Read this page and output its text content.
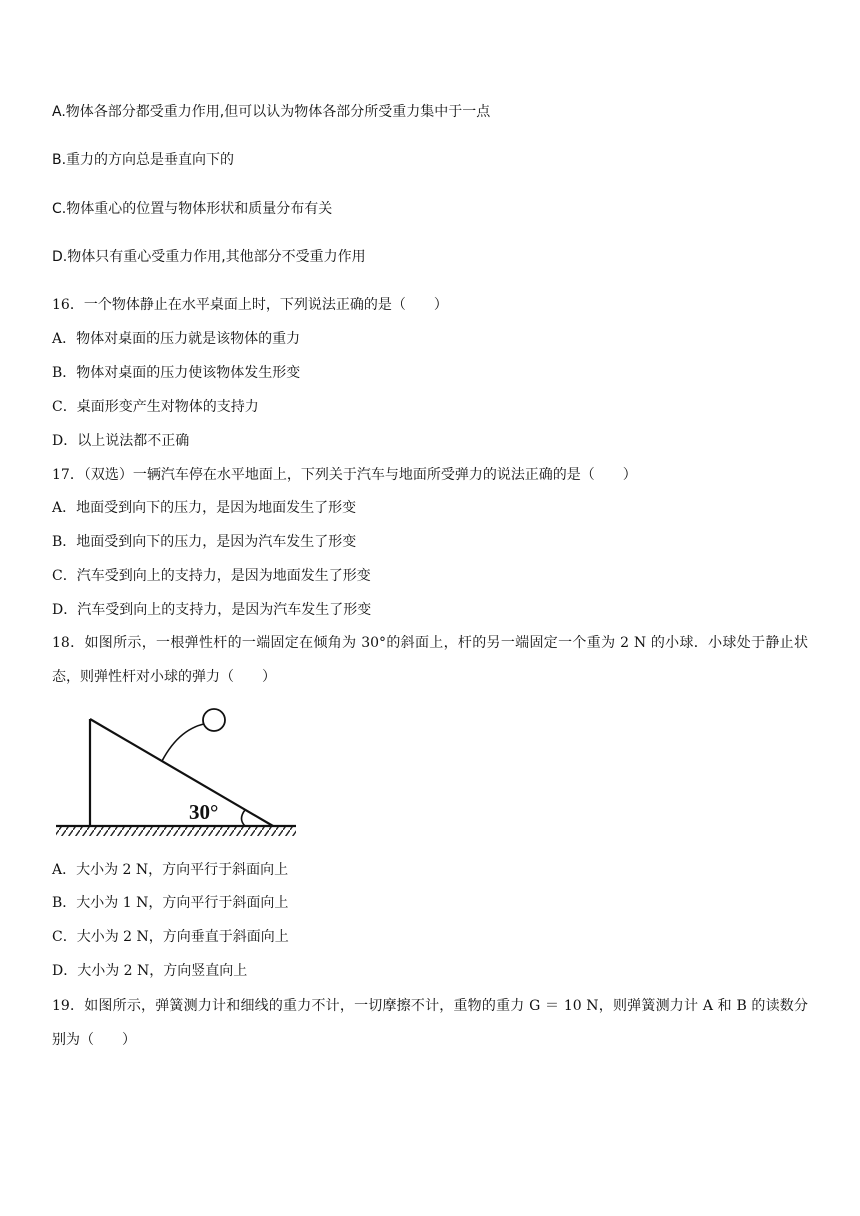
A.物体各部分都受重力作用,但可以认为物体各部分所受重力集中于一点
B.重力的方向总是垂直向下的
C.物体重心的位置与物体形状和质量分布有关
D.物体只有重心受重力作用,其他部分不受重力作用
16．一个物体静止在水平桌面上时，下列说法正确的是（　　）
A．物体对桌面的压力就是该物体的重力
B．物体对桌面的压力使该物体发生形变
C．桌面形变产生对物体的支持力
D．以上说法都不正确
17．（双选）一辆汽车停在水平地面上，下列关于汽车与地面所受弹力的说法正确的是（　　）
A．地面受到向下的压力，是因为地面发生了形变
B．地面受到向下的压力，是因为汽车发生了形变
C．汽车受到向上的支持力，是因为地面发生了形变
D．汽车受到向上的支持力，是因为汽车发生了形变
18．如图所示，一根弹性杆的一端固定在倾角为 30°的斜面上，杆的另一端固定一个重为 2 N 的小球．小球处于静止状态，则弹性杆对小球的弹力（　　）
30°
A．大小为 2 N，方向平行于斜面向上
B．大小为 1 N，方向平行于斜面向上
C．大小为 2 N，方向垂直于斜面向上
D．大小为 2 N，方向竖直向上
19．如图所示，弹簧测力计和细线的重力不计，一切摩擦不计，重物的重力 G ＝ 10 N，则弹簧测力计 A 和 B 的读数分别为（　　）
